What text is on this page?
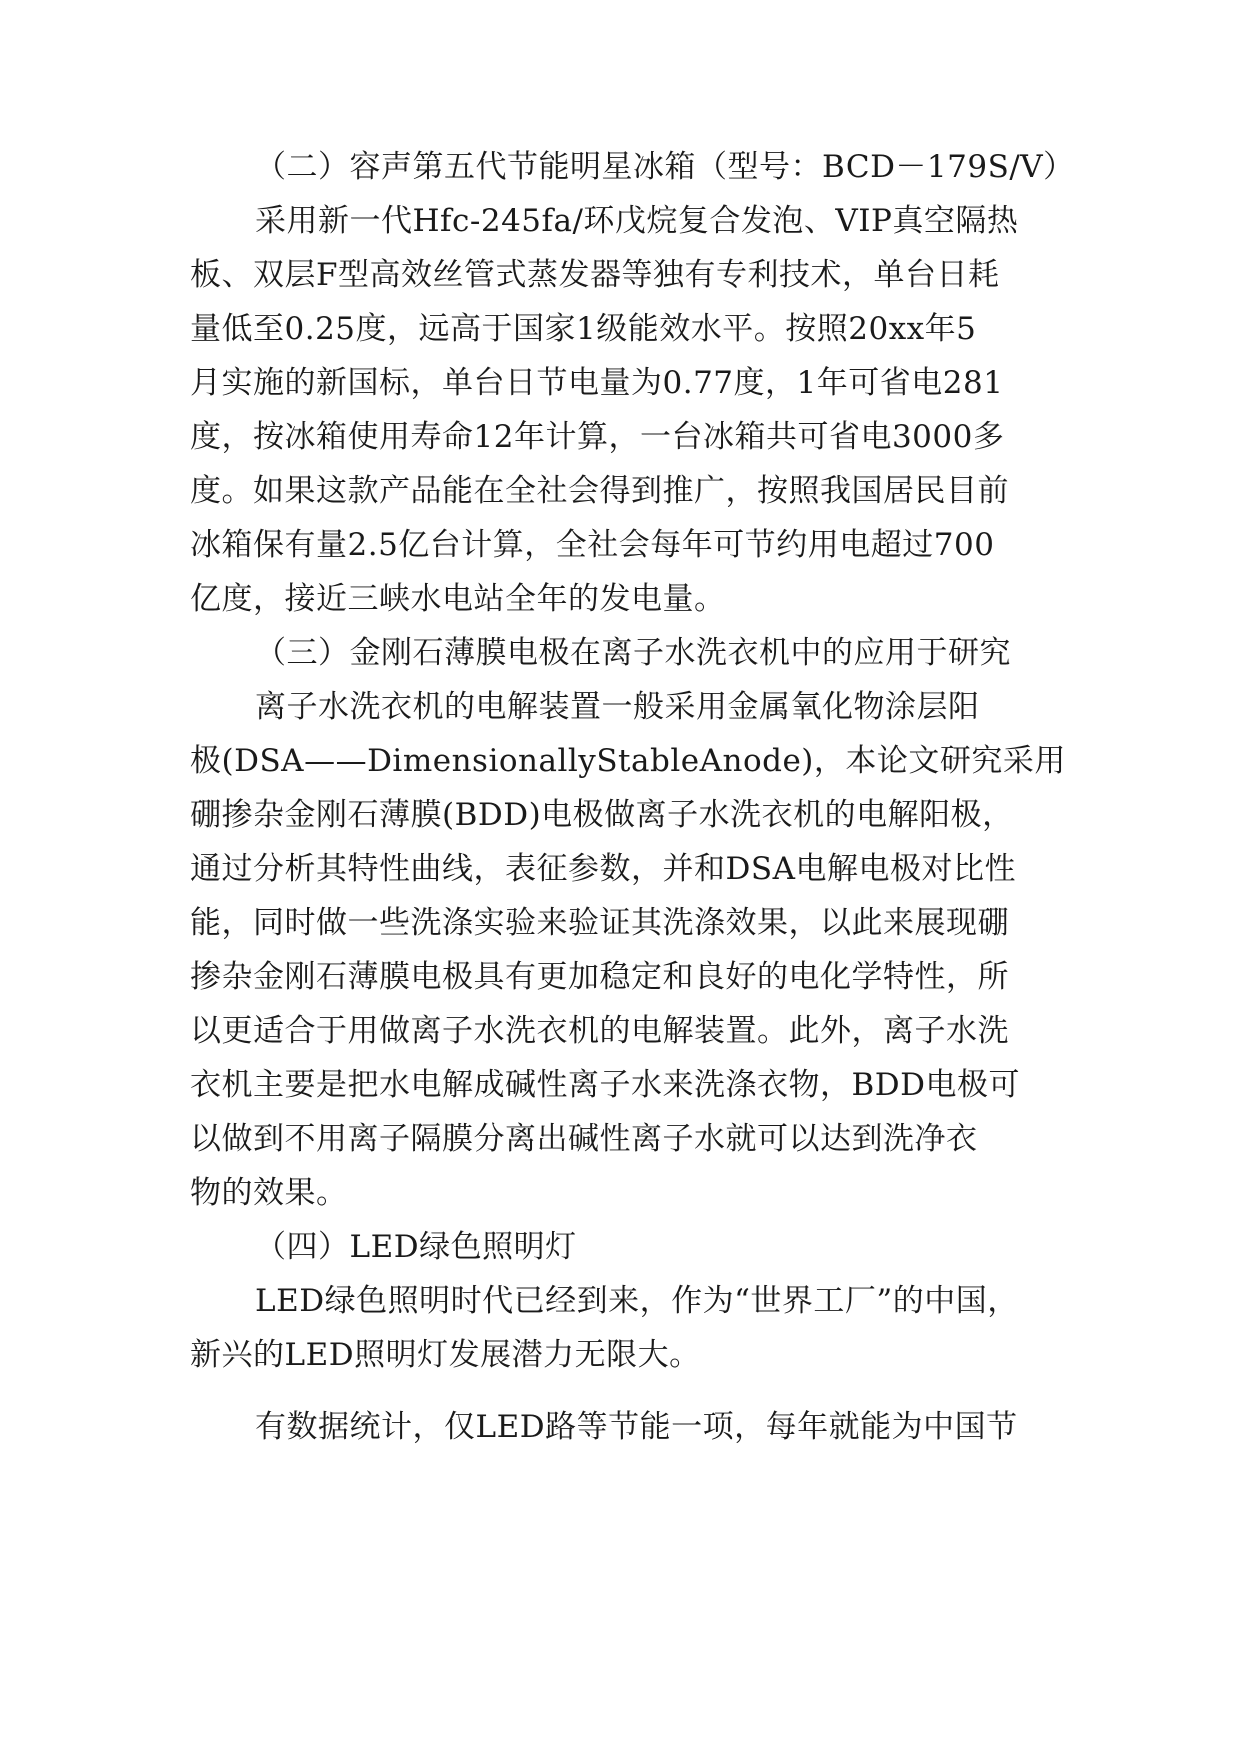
（二）容声第五代节能明星冰箱（型号：BCD－179S/V）
采用新一代Hfc-245fa/环戊烷复合发泡、VIP真空隔热
板、双层F型高效丝管式蒸发器等独有专利技术，单台日耗
量低至0.25度，远高于国家1级能效水平。按照20xx年5
月实施的新国标，单台日节电量为0.77度，1年可省电281
度，按冰箱使用寿命12年计算，一台冰箱共可省电3000多
度。如果这款产品能在全社会得到推广，按照我国居民目前
冰箱保有量2.5亿台计算，全社会每年可节约用电超过700
亿度，接近三峡水电站全年的发电量。
（三）金刚石薄膜电极在离子水洗衣机中的应用于研究
离子水洗衣机的电解装置一般采用金属氧化物涂层阳
极(DSA——DimensionallyStableAnode)，本论文研究采用
硼掺杂金刚石薄膜(BDD)电极做离子水洗衣机的电解阳极，
通过分析其特性曲线，表征参数，并和DSA电解电极对比性
能，同时做一些洗涤实验来验证其洗涤效果，以此来展现硼
掺杂金刚石薄膜电极具有更加稳定和良好的电化学特性，所
以更适合于用做离子水洗衣机的电解装置。此外，离子水洗
衣机主要是把水电解成碱性离子水来洗涤衣物，BDD电极可
以做到不用离子隔膜分离出碱性离子水就可以达到洗净衣
物的效果。
（四）LED绿色照明灯
LED绿色照明时代已经到来，作为“世界工厂”的中国，
新兴的LED照明灯发展潜力无限大。
有数据统计，仅LED路等节能一项，每年就能为中国节
